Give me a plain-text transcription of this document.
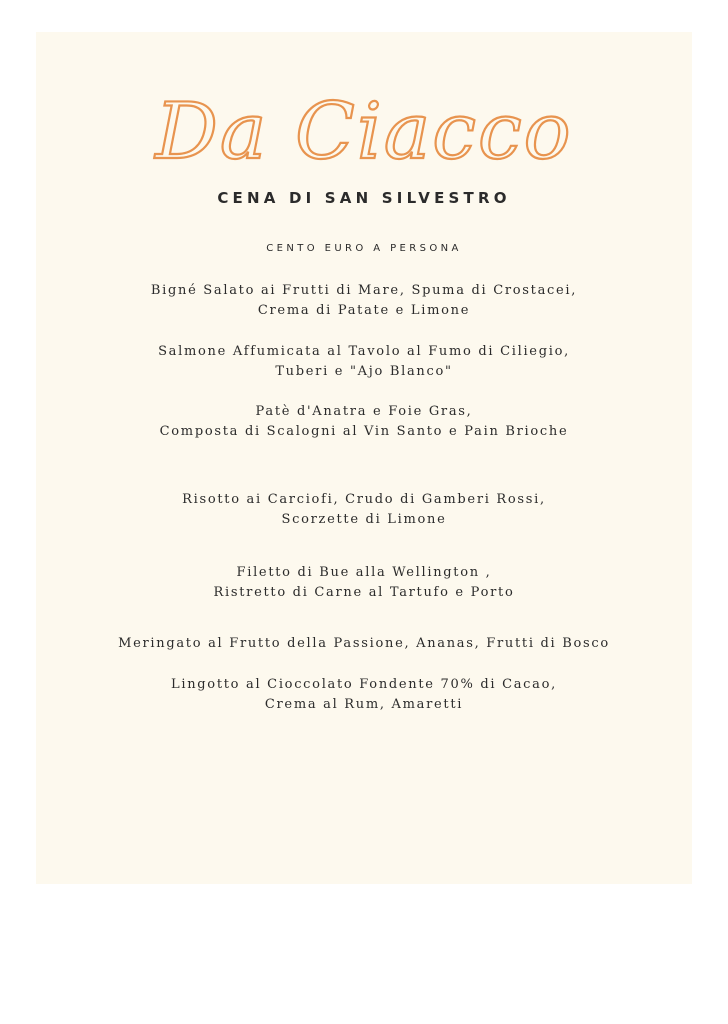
Da Ciacco
CENA DI SAN SILVESTRO
CENTO EURO A PERSONA
Bigné Salato ai Frutti di Mare, Spuma di Crostacei,
Crema di Patate e Limone
Salmone Affumicata al Tavolo al Fumo di Ciliegio,
Tuberi e "Ajo Blanco"
Patè d'Anatra e Foie Gras,
Composta di Scalogni al Vin Santo e Pain Brioche
Risotto ai Carciofi, Crudo di Gamberi Rossi,
Scorzette di Limone
Filetto di Bue alla Wellington ,
Ristretto di Carne al Tartufo e Porto
Meringato al Frutto della Passione, Ananas, Frutti di Bosco
Lingotto al Cioccolato Fondente 70% di Cacao,
Crema al Rum, Amaretti
